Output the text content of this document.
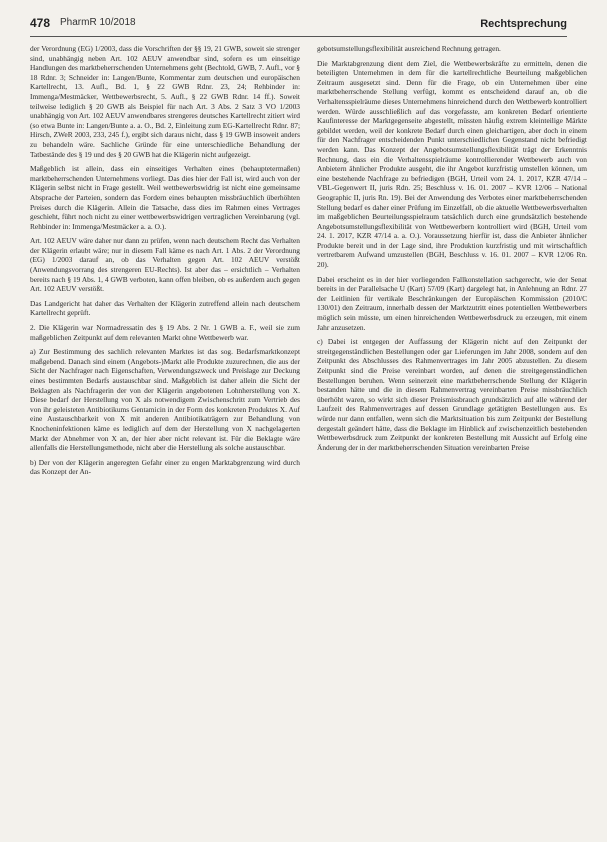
478 PharmR 10/2018	Rechtsprechung

der Verordnung (EG) 1/2003, dass die Vorschriften der §§ 19, 21 GWB, soweit sie strenger sind, unabhängig neben Art. 102 AEUV anwendbar sind, sofern es um einseitige Handlungen des marktbeherrschenden Unternehmens geht (Bechtold, GWB, 7. Aufl., vor § 18 Rdnr. 3; Schneider in: Langen/Bunte, Kommentar zum deutschen und europäischen Kartellrecht, 13. Aufl., Bd. 1, § 22 GWB Rdnr. 23, 24; Rehbinder in: Immenga/Mestmäcker, Wettbewerbsrecht, 5. Aufl., § 22 GWB Rdnr. 14 ff.). Soweit teilweise lediglich § 20 GWB als Beispiel für nach Art. 3 Abs. 2 Satz 3 VO 1/2003 unabhängig von Art. 102 AEUV anwendbares strengeres deutsches Kartellrecht zitiert wird (so etwa Bunte in: Langen/Bunte a. a. O., Bd. 2, Einleitung zum EG-Kartellrecht Rdnr. 87; Hirsch, ZWeR 2003, 233, 245 f.), ergibt sich daraus nicht, dass § 19 GWB insoweit anders zu behandeln wäre. Sachliche Gründe für eine unterschiedliche Behandlung der Tatbestände des § 19 und des § 20 GWB hat die Klägerin nicht aufgezeigt.

Maßgeblich ist allein, dass ein einseitiges Verhalten eines (behauptetermaßen) marktbeherrschenden Unternehmens vorliegt. Das dies hier der Fall ist, wird auch von der Klägerin selbst nicht in Frage gestellt. Weil wettbewerbswidrig ist nicht eine gemeinsame Absprache der Parteien, sondern das Fordern eines behaupten missbräuchlich überhöhten Preises durch die Klägerin. Allein die Tatsache, dass dies im Rahmen eines Vertrages geschieht, führt noch nicht zu einer wettbewerbswidrigen vertraglichen Vereinbarung (vgl. Rehbinder in: Immenga/Mestmäcker a. a. O.).

Art. 102 AEUV wäre daher nur dann zu prüfen, wenn nach deutschem Recht das Verhalten der Klägerin erlaubt wäre; nur in diesem Fall käme es nach Art. 1 Abs. 2 der Verordnung (EG) 1/2003 darauf an, ob das Verhalten gegen Art. 102 AEUV verstößt (Anwendungsvorrang des strengeren EU-Rechts). Ist aber das – ersichtlich – Verhalten bereits nach § 19 Abs. 1, 4 GWB verboten, kann offen bleiben, ob es außerdem auch gegen Art. 102 AEUV verstößt.

Das Landgericht hat daher das Verhalten der Klägerin zutreffend allein nach deutschem Kartellrecht geprüft.

2. Die Klägerin war Normadressatin des § 19 Abs. 2 Nr. 1 GWB a. F., weil sie zum maßgeblichen Zeitpunkt auf dem relevanten Markt ohne Wettbewerb war.

a) Zur Bestimmung des sachlich relevanten Marktes ist das sog. Bedarfsmarktkonzept maßgebend. Danach sind einem (Angebots-)Markt alle Produkte zuzurechnen, die aus der Sicht der Nachfrager nach Eigenschaften, Verwendungszweck und Preislage zur Deckung eines bestimmten Bedarfs austauschbar sind. Maßgeblich ist daher allein die Sicht der Beklagten als Nachfragerin der von der Klägerin angebotenen Lohnherstellung von X. Diese bedarf der Herstellung von X als notwendigem Zwischenschritt zum Vertrieb des von ihr geleisteten Antibiotikums Gentamicin in der Form des konkreten Produktes X. Auf eine Austauschbarkeit von X mit anderen Antibiotikaträgern zur Behandlung von Knocheninfektionen käme es lediglich auf dem der Herstellung von X nachgelagerten Markt der Abnehmer von X an, der hier aber nicht relevant ist. Für die Beklagte wäre allenfalls die Herstellungsmethode, nicht aber die Herstellung als solche austauschbar.

b) Der von der Klägerin angeregten Gefahr einer zu engen Marktabgrenzung wird durch das Konzept der An-

gebotsumstellungsflexibilität ausreichend Rechnung getragen.

Die Marktabgrenzung dient dem Ziel, die Wettbewerbskräfte zu ermitteln, denen die beteiligten Unternehmen in dem für die kartellrechtliche Beurteilung maßgeblichen Zeitraum ausgesetzt sind. Denn für die Frage, ob ein Unternehmen über eine marktbeherrschende Stellung verfügt, kommt es entscheidend darauf an, ob die Verhaltensspielräume dieses Unternehmens hinreichend durch den Wettbewerb kontrolliert werden. Würde ausschließlich auf das vorgefasste, am konkreten Bedarf orientierte Kaufinteresse der Marktgegenseite abgestellt, müssten häufig extrem kleinteilige Märkte gebildet werden, weil der konkrete Bedarf durch einen gleichartigen, aber doch in einem für den Nachfrager entscheidenden Punkt unterschiedlichen Gegenstand nicht befriedigt werden kann. Das Konzept der Angebotsumstellungsflexibilität trägt der Erkenntnis Rechnung, dass ein die Verhaltensspielräume kontrollierender Wettbewerb auch von Anbietern ähnlicher Produkte ausgeht, die ihr Angebot kurzfristig umstellen können, um eine bestehende Nachfrage zu befriedigen (BGH, Urteil vom 24. 1. 2017, KZR 47/14 – VBL-Gegenwert II, juris Rdn. 25; Beschluss v. 16. 01. 2007 – KVR 12/06 – National Geographic II, juris Rn. 19). Bei der Anwendung des Verbotes einer marktbeherrschenden Stellung bedarf es daher einer Prüfung im Einzelfall, ob die aktuelle Wettbewerbsverhalten im maßgeblichen Beurteilungsspielraum tatsächlich durch eine grundsätzlich bestehende Angebotsumstellungsflexibilität von Wettbewerbern kontrolliert wird (BGH, Urteil vom 24. 1. 2017, KZR 47/14 a. a. O.). Voraussetzung hierfür ist, dass die Anbieter ähnlicher Produkte bereit und in der Lage sind, ihre Produktion kurzfristig und mit wirtschaftlich vertretbarem Aufwand umzustellen (BGH, Beschluss v. 16. 01. 2007 – KVR 12/06 Rn. 20).

Dabei erscheint es in der hier vorliegenden Fallkonstellation sachgerecht, wie der Senat bereits in der Parallelsache U (Kart) 57/09 (Kart) dargelegt hat, in Anlehnung an Rdnr. 27 der Leitlinien für vertikale Beschränkungen der Europäischen Kommission (2010/C 130/01) den Zeitraum, innerhalb dessen der Marktzutritt eines potentiellen Wettbewerbers möglich sein müsste, um einen hinreichenden Wettbewerbsdruck zu erzeugen, mit einem Jahr anzusetzen.

c) Dabei ist entgegen der Auffassung der Klägerin nicht auf den Zeitpunkt der streitgegenständlichen Bestellungen oder gar Lieferungen im Jahr 2008, sondern auf den Zeitpunkt des Abschlusses des Rahmenvertrages im Jahr 2005 abzustellen. Zu diesem Zeitpunkt sind die Preise vereinbart worden, auf denen die streitgegenständlichen Bestellungen beruhen. Wenn seinerzeit eine marktbeherrschende Stellung der Klägerin bestanden hätte und die in diesem Rahmenvertrag vereinbarten Preise missbräuchlich überhöht waren, so wirkt sich dieser Preismissbrauch grundsätzlich auf alle während der Laufzeit des Rahmenvertrages auf dessen Grundlage getätigten Bestellungen aus. Es würde nur dann entfallen, wenn sich die Marktsituation bis zum Zeitpunkt der Bestellung dergestalt geändert hätte, dass die Beklagte im Hinblick auf zwischenzeitlich bestehenden Wettbewerbsdruck zum Zeitpunkt der konkreten Bestellung mit Aussicht auf Erfolg eine Änderung der in der marktbeherrschenden Situation vereinbarten Preise
